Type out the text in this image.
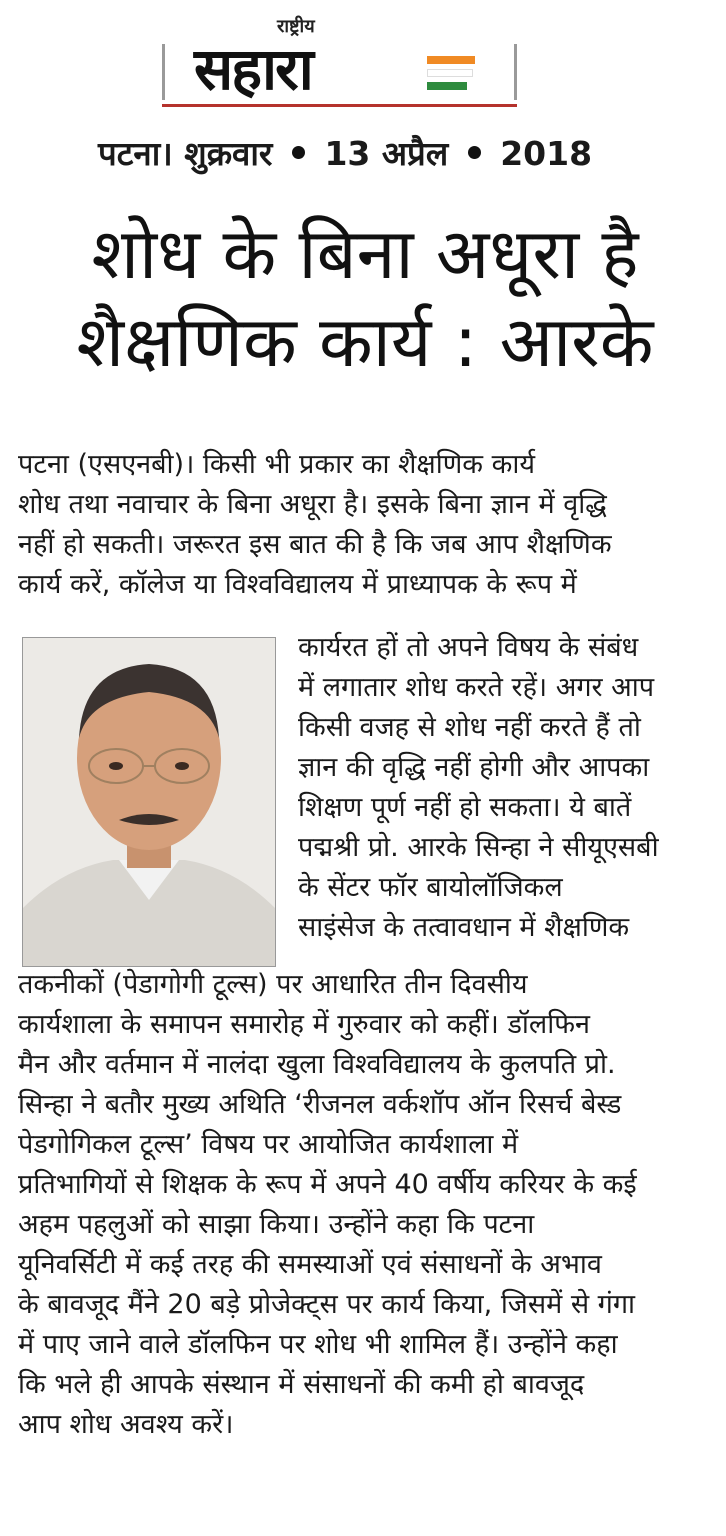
राष्ट्रीय
सहारा
पटना। शुक्रवार 13 अप्रैल 2018
शोध के बिना अधूरा है
शैक्षणिक कार्य : आरके
पटना (एसएनबी)। किसी भी प्रकार का शैक्षणिक कार्य
शोध तथा नवाचार के बिना अधूरा है। इसके बिना ज्ञान में वृद्धि
नहीं हो सकती। जरूरत इस बात की है कि जब आप शैक्षणिक
कार्य करें, कॉलेज या विश्वविद्यालय में प्राध्यापक के रूप में
कार्यरत हों तो अपने विषय के संबंध
में लगातार शोध करते रहें। अगर आप
किसी वजह से शोध नहीं करते हैं तो
ज्ञान की वृद्धि नहीं होगी और आपका
शिक्षण पूर्ण नहीं हो सकता। ये बातें
पद्मश्री प्रो. आरके सिन्हा ने सीयूएसबी
के सेंटर फॉर बायोलॉजिकल
साइंसेज के तत्वावधान में शैक्षणिक
तकनीकों (पेडागोगी टूल्स) पर आधारित तीन दिवसीय
कार्यशाला के समापन समारोह में गुरुवार को कहीं। डॉलफिन
मैन और वर्तमान में नालंदा खुला विश्वविद्यालय के कुलपति प्रो.
सिन्हा ने बतौर मुख्य अथिति ‘रीजनल वर्कशॉप ऑन रिसर्च बेस्ड
पेडगोगिकल टूल्स’ विषय पर आयोजित कार्यशाला में
प्रतिभागियों से शिक्षक के रूप में अपने 40 वर्षीय करियर के कई
अहम पहलुओं को साझा किया। उन्होंने कहा कि पटना
यूनिवर्सिटी में कई तरह की समस्याओं एवं संसाधनों के अभाव
के बावजूद मैंने 20 बड़े प्रोजेक्ट्स पर कार्य किया, जिसमें से गंगा
में पाए जाने वाले डॉलफिन पर शोध भी शामिल हैं। उन्होंने कहा
कि भले ही आपके संस्थान में संसाधनों की कमी हो बावजूद
आप शोध अवश्य करें।
